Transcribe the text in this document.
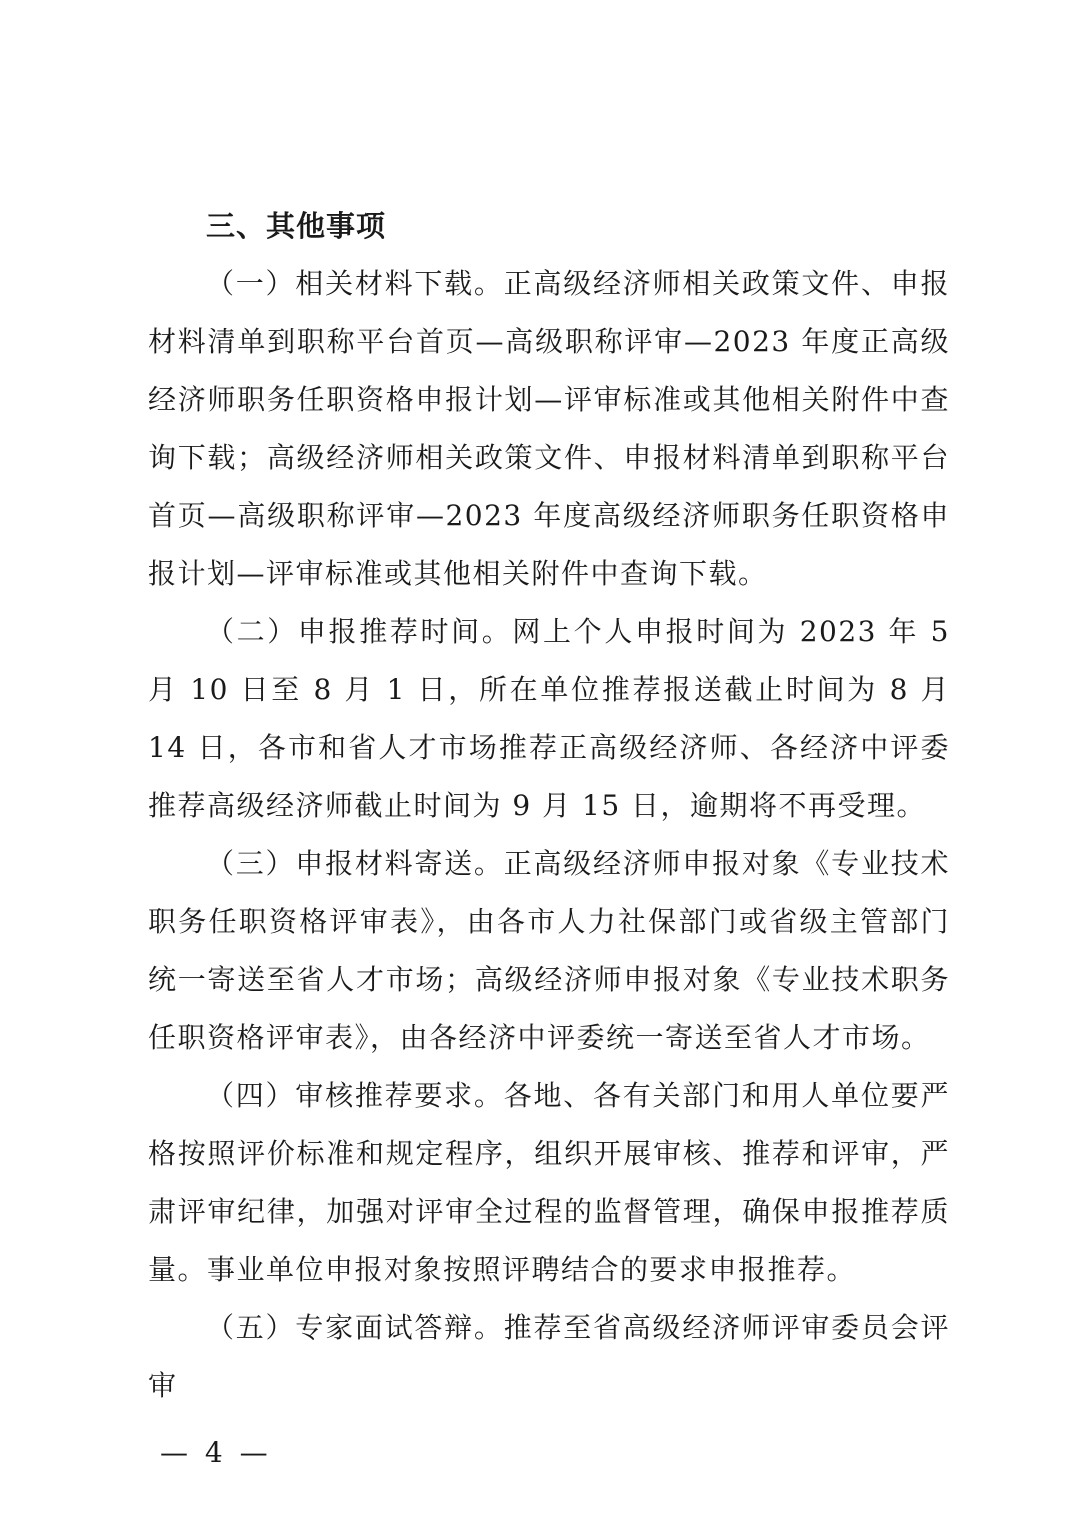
三、其他事项

（一）相关材料下载。正高级经济师相关政策文件、申报材料清单到职称平台首页—高级职称评审—2023 年度正高级经济师职务任职资格申报计划—评审标准或其他相关附件中查询下载；高级经济师相关政策文件、申报材料清单到职称平台首页—高级职称评审—2023 年度高级经济师职务任职资格申报计划—评审标准或其他相关附件中查询下载。

（二）申报推荐时间。网上个人申报时间为 2023 年 5 月 10 日至 8 月 1 日，所在单位推荐报送截止时间为 8 月 14 日，各市和省人才市场推荐正高级经济师、各经济中评委推荐高级经济师截止时间为 9 月 15 日，逾期将不再受理。

（三）申报材料寄送。正高级经济师申报对象《专业技术职务任职资格评审表》，由各市人力社保部门或省级主管部门统一寄送至省人才市场；高级经济师申报对象《专业技术职务任职资格评审表》，由各经济中评委统一寄送至省人才市场。

（四）审核推荐要求。各地、各有关部门和用人单位要严格按照评价标准和规定程序，组织开展审核、推荐和评审，严肃评审纪律，加强对评审全过程的监督管理，确保申报推荐质量。事业单位申报对象按照评聘结合的要求申报推荐。

（五）专家面试答辩。推荐至省高级经济师评审委员会评审

— 4 —
